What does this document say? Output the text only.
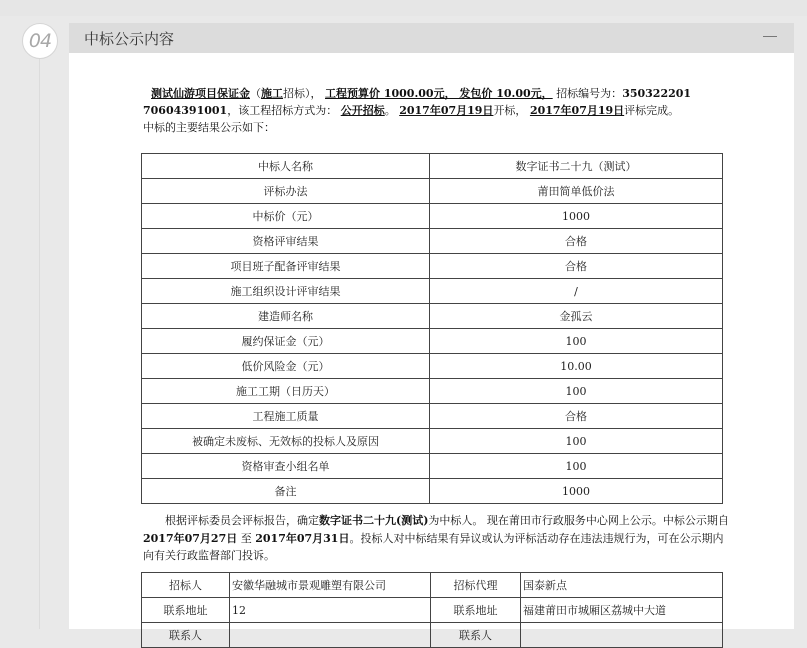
04 中标公示内容

测试仙游项目保证金（施工招标）， 工程预算价 1000.00元， 发包价 10.00元， 招标编号为：350322201

70604391001，该工程招标方式为： 公开招标。 2017年07月19日开标， 2017年07月19日评标完成。

中标的主要结果公示如下：

中标人名称	数字证书二十九（测试）
评标办法	莆田简单低价法
中标价（元）	1000
资格评审结果	合格
项目班子配备评审结果	合格
施工组织设计评审结果	/
建造师名称	金孤云
履约保证金（元）	100
低价风险金（元）	10.00
施工工期（日历天）	100
工程施工质量	合格
被确定未废标、无效标的投标人及原因	100
资格审查小组名单	100
备注	1000

根据评标委员会评标报告，确定数字证书二十九(测试)为中标人。 现在莆田市行政服务中心网上公示。中标公示期自 2017年07月27日 至 2017年07月31日。投标人对中标结果有异议或认为评标活动存在违法违规行为，可在公示期内向有关行政监督部门投诉。

招标人	安徽华融城市景观雕塑有限公司	招标代理	国泰新点
联系地址	12	联系地址	福建莆田市城厢区荔城中大道
联系人		联系人	
